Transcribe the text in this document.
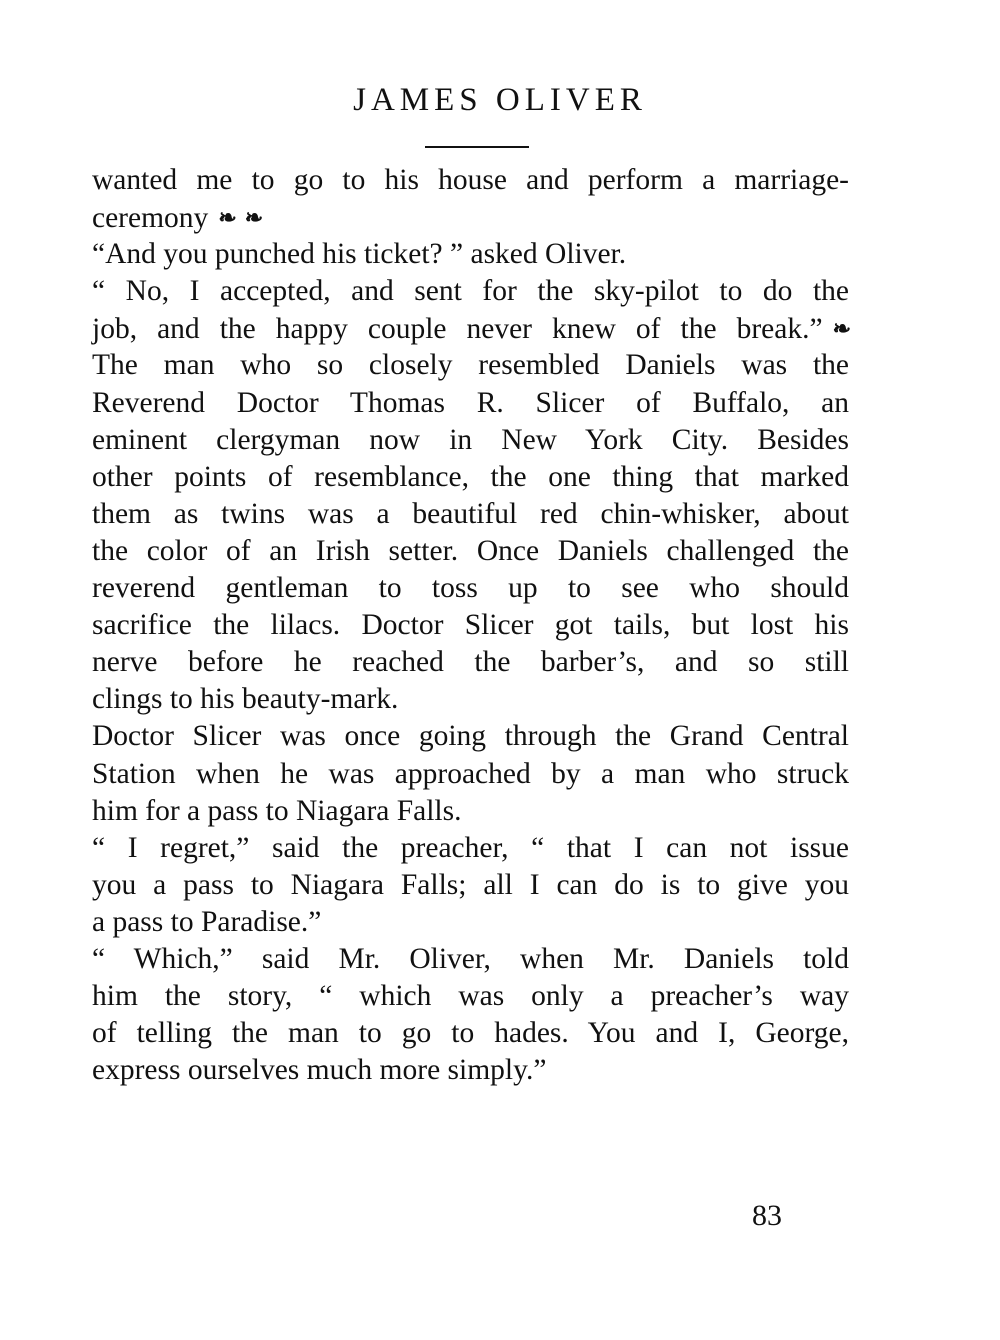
JAMES OLIVER
wanted me to go to his house and perform a marriage-
ceremony ❧ ❧
“And you punched his ticket? ” asked Oliver.
“ No, I accepted, and sent for the sky-pilot to do the
job, and the happy couple never knew of the break.” ❧
The man who so closely resembled Daniels was the
Reverend Doctor Thomas R. Slicer of Buffalo, an
eminent clergyman now in New York City. Besides
other points of resemblance, the one thing that marked
them as twins was a beautiful red chin-whisker, about
the color of an Irish setter. Once Daniels challenged the
reverend gentleman to toss up to see who should
sacrifice the lilacs. Doctor Slicer got tails, but lost his
nerve before he reached the barber’s, and so still
clings to his beauty-mark.
Doctor Slicer was once going through the Grand Central
Station when he was approached by a man who struck
him for a pass to Niagara Falls.
“ I regret,” said the preacher, “ that I can not issue
you a pass to Niagara Falls; all I can do is to give you
a pass to Paradise.”
“ Which,” said Mr. Oliver, when Mr. Daniels told
him the story, “ which was only a preacher’s way
of telling the man to go to hades. You and I, George,
express ourselves much more simply.”
83
